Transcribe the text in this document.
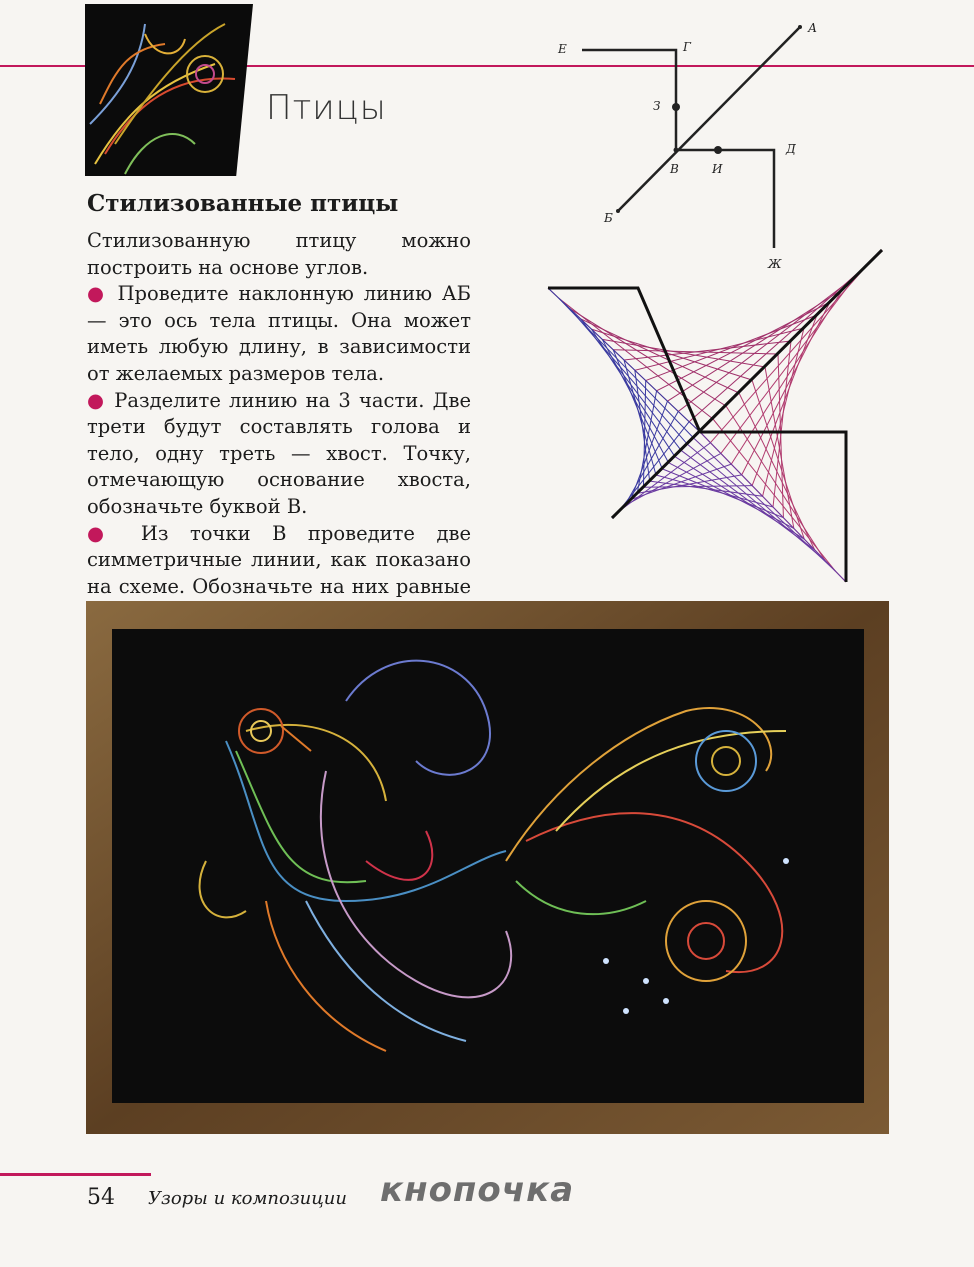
Птицы
А
Б
В
Г
Д
Е
Ж
З
И
Стилизованные птицы

Стилизованную птицу можно построить на основе углов.

● Проведите наклонную линию АБ — это ось тела птицы. Она может иметь любую длину, в зависимости от желаемых размеров тела.

● Разделите линию на 3 части. Две трети будут составлять голова и тело, одну треть — хвост. Точку, отмечающую основание хвоста, обозначьте буквой В.

● Из точки В проведите две симметричные линии, как показано на схеме. Обозначьте на них равные

54 Узоры и композиции кнопочка
